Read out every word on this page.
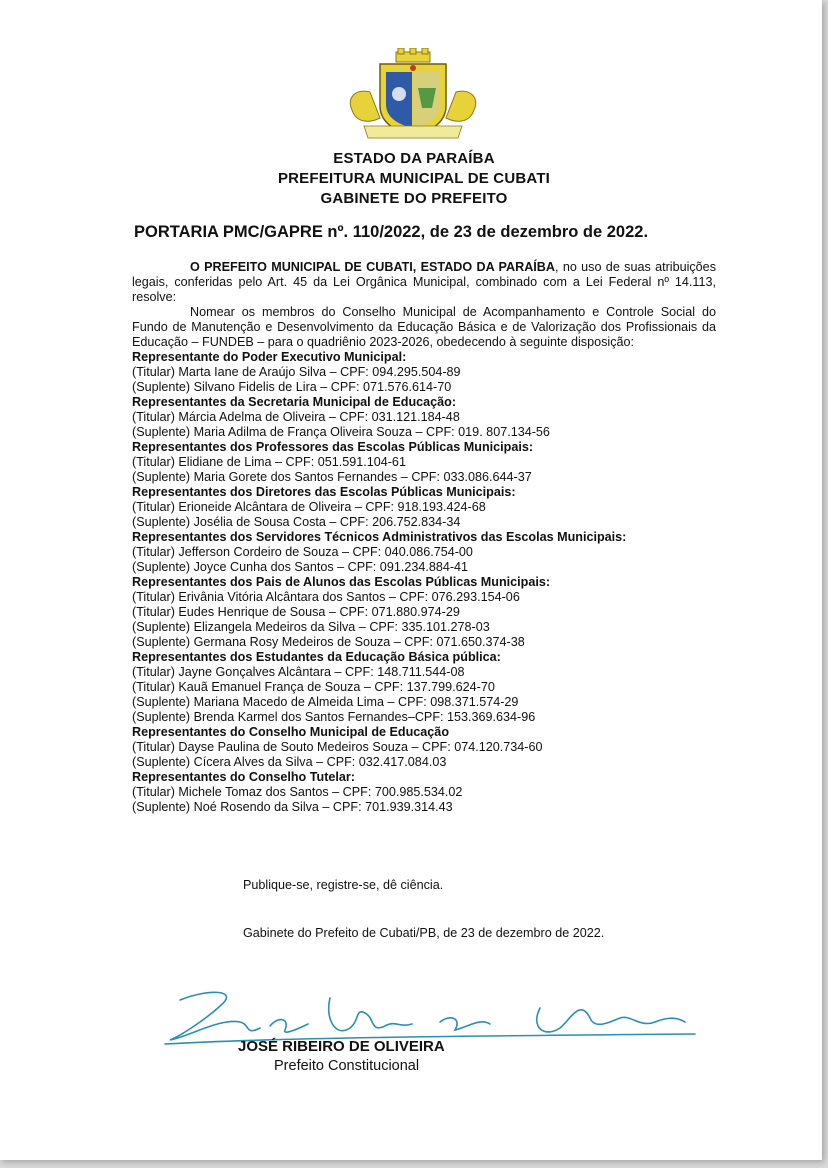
ESTADO DA PARAÍBA
PREFEITURA MUNICIPAL DE CUBATI
GABINETE DO PREFEITO
PORTARIA PMC/GAPRE nº. 110/2022, de 23 de dezembro de 2022.

O PREFEITO MUNICIPAL DE CUBATI, ESTADO DA PARAÍBA, no uso de suas atribuições legais, conferidas pelo Art. 45 da Lei Orgânica Municipal, combinado com a Lei Federal nº 14.113, resolve:

Nomear os membros do Conselho Municipal de Acompanhamento e Controle Social do Fundo de Manutenção e Desenvolvimento da Educação Básica e de Valorização dos Profissionais da Educação – FUNDEB – para o quadriênio 2023-2026, obedecendo à seguinte disposição:

Representante do Poder Executivo Municipal:

(Titular) Marta Iane de Araújo Silva – CPF: 094.295.504-89

(Suplente) Silvano Fidelis de Lira – CPF: 071.576.614-70

Representantes da Secretaria Municipal de Educação:

(Titular) Márcia Adelma de Oliveira – CPF: 031.121.184-48

(Suplente) Maria Adilma de França Oliveira Souza – CPF: 019. 807.134-56

Representantes dos Professores das Escolas Públicas Municipais:

(Titular) Elidiane de Lima – CPF: 051.591.104-61

(Suplente) Maria Gorete dos Santos Fernandes – CPF: 033.086.644-37

Representantes dos Diretores das Escolas Públicas Municipais:

(Titular) Erioneide Alcântara de Oliveira – CPF: 918.193.424-68

(Suplente) Josélia de Sousa Costa – CPF: 206.752.834-34

Representantes dos Servidores Técnicos Administrativos das Escolas Municipais:

(Titular) Jefferson Cordeiro de Souza – CPF: 040.086.754-00

(Suplente) Joyce Cunha dos Santos – CPF: 091.234.884-41

Representantes dos Pais de Alunos das Escolas Públicas Municipais:

(Titular) Erivânia Vitória Alcântara dos Santos – CPF: 076.293.154-06

(Titular) Eudes Henrique de Sousa – CPF: 071.880.974-29

(Suplente) Elizangela Medeiros da Silva – CPF: 335.101.278-03

(Suplente) Germana Rosy Medeiros de Souza – CPF: 071.650.374-38

Representantes dos Estudantes da Educação Básica pública:

(Titular) Jayne Gonçalves Alcântara – CPF: 148.711.544-08

(Titular) Kauã Emanuel França de Souza – CPF: 137.799.624-70

(Suplente) Mariana Macedo de Almeida Lima – CPF: 098.371.574-29

(Suplente) Brenda Karmel dos Santos Fernandes–CPF: 153.369.634-96

Representantes do Conselho Municipal de Educação

(Titular) Dayse Paulina de Souto Medeiros Souza – CPF: 074.120.734-60

(Suplente) Cícera Alves da Silva – CPF: 032.417.084.03

Representantes do Conselho Tutelar:

(Titular) Michele Tomaz dos Santos – CPF: 700.985.534.02

(Suplente) Noé Rosendo da Silva – CPF: 701.939.314.43

Publique-se, registre-se, dê ciência.
Gabinete do Prefeito de Cubati/PB, de 23 de dezembro de 2022.
JOSÉ RIBEIRO DE OLIVEIRA
Prefeito Constitucional
